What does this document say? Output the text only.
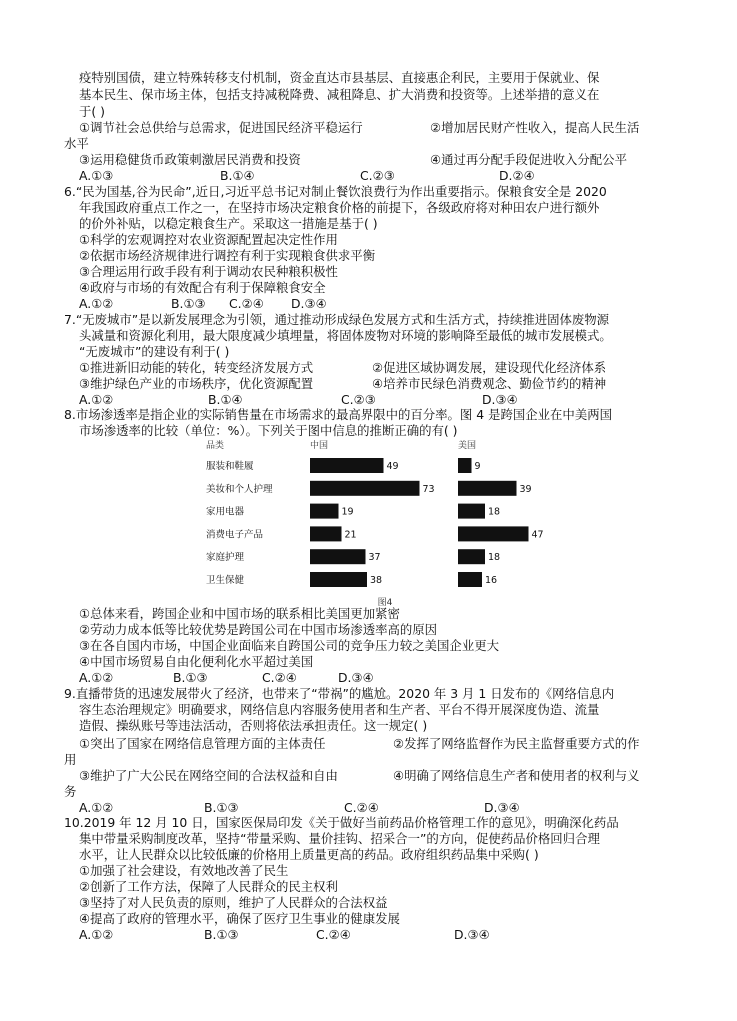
疫特别国债，建立特殊转移支付机制，资金直达市县基层、直接惠企利民，主要用于保就业、保
基本民生、保市场主体，包括支持减税降费、减租降息、扩大消费和投资等。上述举措的意义在
于( )
①调节社会总供给与总需求，促进国民经济平稳运行	②增加居民财产性收入，提高人民生活
水平
③运用稳健货币政策刺激居民消费和投资	④通过再分配手段促进收入分配公平
A.①③	B.①④	C.②③	D.②④
6.“民为国基,谷为民命”,近日,习近平总书记对制止餐饮浪费行为作出重要指示。保粮食安全是 2020
年我国政府重点工作之一，在坚持市场决定粮食价格的前提下，各级政府将对种田农户进行额外
的价外补贴，以稳定粮食生产。采取这一措施是基于( )
①科学的宏观调控对农业资源配置起决定性作用
②依据市场经济规律进行调控有利于实现粮食供求平衡
③合理运用行政手段有利于调动农民种粮积极性
④政府与市场的有效配合有利于保障粮食安全
A.①②	B.①③ C.②④ D.③④
7.“无废城市”是以新发展理念为引领，通过推动形成绿色发展方式和生活方式，持续推进固体废物源
头减量和资源化利用，最大限度减少填埋量，将固体废物对环境的影响降至最低的城市发展模式。
“无废城市”的建设有利于( )
①推进新旧动能的转化，转变经济发展方式	②促进区域协调发展，建设现代化经济体系
③维护绿色产业的市场秩序，优化资源配置	④培养市民绿色消费观念、勤俭节约的精神
A.①②	B.①④	C.②③	D.③④
8.市场渗透率是指企业的实际销售量在市场需求的最高界限中的百分率。图 4 是跨国企业在中美两国
市场渗透率的比较（单位：%）。下列关于图中信息的推断正确的有( )
品类	中国	美国
服装和鞋履	49	9
美妆和个人护理	73	39
家用电器	19	18
消费电子产品	21	47
家庭护理	37	18
卫生保健	38	16
图4
①总体来看，跨国企业和中国市场的联系相比美国更加紧密
②劳动力成本低等比较优势是跨国公司在中国市场渗透率高的原因
③在各自国内市场，中国企业面临来自跨国公司的竞争压力较之美国企业更大
④中国市场贸易自由化便利化水平超过美国
A.①②	B.①③	C.②④	D.③④
9.直播带货的迅速发展带火了经济，也带来了“带祸”的尴尬。2020 年 3 月 1 日发布的《网络信息内
容生态治理规定》明确要求，网络信息内容服务使用者和生产者、平台不得开展深度伪造、流量
造假、操纵账号等违法活动，否则将依法承担责任。这一规定( )
①突出了国家在网络信息管理方面的主体责任	②发挥了网络监督作为民主监督重要方式的作
用
③维护了广大公民在网络空间的合法权益和自由	④明确了网络信息生产者和使用者的权利与义
务
A.①②	B.①③	C.②④	D.③④
10.2019 年 12 月 10 日，国家医保局印发《关于做好当前药品价格管理工作的意见》，明确深化药品
集中带量采购制度改革，坚持“带量采购、量价挂钩、招采合一”的方向，促使药品价格回归合理
水平，让人民群众以比较低廉的价格用上质量更高的药品。政府组织药品集中采购( )
①加强了社会建设，有效地改善了民生
②创新了工作方法，保障了人民群众的民主权利
③坚持了对人民负责的原则，维护了人民群众的合法权益
④提高了政府的管理水平，确保了医疗卫生事业的健康发展
A.①②	B.①③	C.②④	D.③④
